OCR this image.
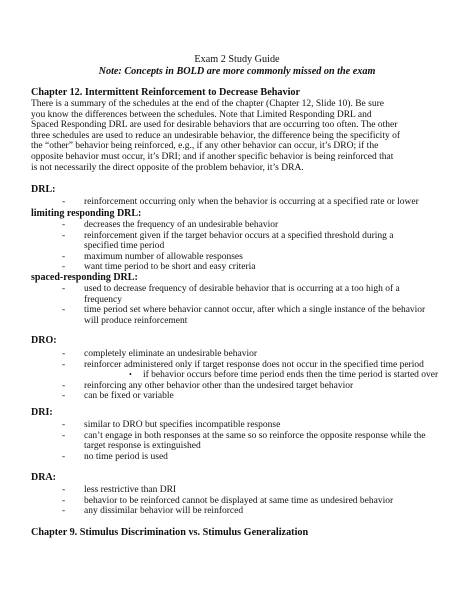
Exam 2 Study Guide
Note: Concepts in BOLD are more commonly missed on the exam
Chapter 12. Intermittent Reinforcement to Decrease Behavior
There is a summary of the schedules at the end of the chapter (Chapter 12, Slide 10). Be sure
you know the differences between the schedules. Note that Limited Responding DRL and
Spaced Responding DRL are used for desirable behaviors that are occurring too often. The other
three schedules are used to reduce an undesirable behavior, the difference being the specificity of
the “other” behavior being reinforced, e.g., if any other behavior can occur, it’s DRO; if the
opposite behavior must occur, it’s DRI; and if another specific behavior is being reinforced that
is not necessarily the direct opposite of the problem behavior, it’s DRA.
DRL:
- reinforcement occurring only when the behavior is occurring at a specified rate or lower
limiting responding DRL:
- decreases the frequency of an undesirable behavior
- reinforcement given if the target behavior occurs at a specified threshold during a
specified time period
- maximum number of allowable responses
- want time period to be short and easy criteria
spaced-responding DRL:
- used to decrease frequency of desirable behavior that is occurring at a too high of a
frequency
- time period set where behavior cannot occur, after which a single instance of the behavior
will produce reinforcement
DRO:
- completely eliminate an undesirable behavior
- reinforcer administered only if target response does not occur in the specified time period
• if behavior occurs before time period ends then the time period is started over
- reinforcing any other behavior other than the undesired target behavior
- can be fixed or variable
DRI:
- similar to DRO but specifies incompatible response
- can’t engage in both responses at the same so so reinforce the opposite response while the
target response is extinguished
- no time period is used
DRA:
- less restrictive than DRI
- behavior to be reinforced cannot be displayed at same time as undesired behavior
- any dissimilar behavior will be reinforced
Chapter 9. Stimulus Discrimination vs. Stimulus Generalization
